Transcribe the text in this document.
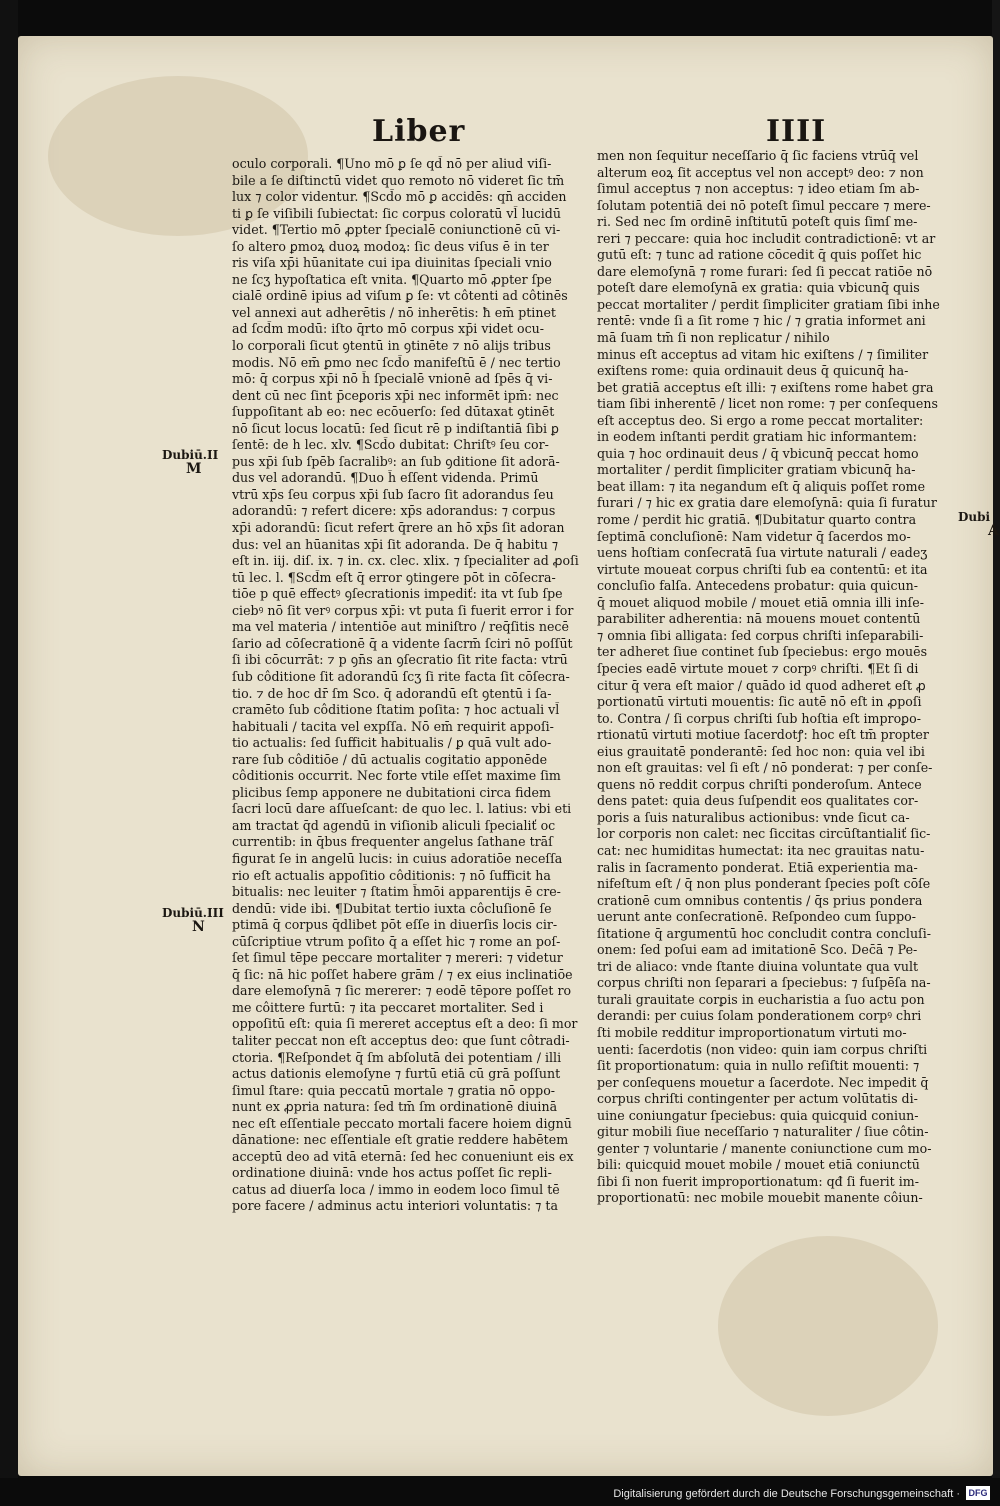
Liber	IIII
Dubiū.II
M
Dubiū.III
N
Dubi
A
oculo corporali. ¶Uno mō ꝑ ſe qd̄ nō per aliud viſi-
bile a ſe diſtinctū videt quo remoto nō videret ſic tm̄
lux ⁊ color videntur. ¶Scd̄o mō ꝑ accidēs: qn̄ acciden
ti ꝑ ſe viſibili ſubiectat: ſic corpus coloratū vl̄ lucidū
videt. ¶Tertio mō ꝓpter ſpecialē coniunctionē cū vi-
ſo altero ꝑmoꝝ duoꝝ modoꝝ: ſic deus viſus ē in ter
ris viſa xp̄i hūanitate cui ipa diuinitas ſpeciali vnio
ne ſcʒ hypoſtatica eſt vnita. ¶Quarto mō ꝓpter ſpe
cialē ordinē ipius ad viſum ꝑ ſe: vt côtenti ad côtinēs
vel annexi aut adherētis / nō inherētis: ħ em̄ ptinet
ad ſcd̄m modū: iſto q̄rto mō corpus xp̄i videt ocu-
lo corporali ſicut ꝯtentū in ꝯtinēte ⁊ nō alijs tribus
modis. Nō em̄ ꝑmo nec ſcd̄o manifeſtū ē / nec tertio
mō: q̄ corpus xp̄i nō h̄ ſpecialē vnionē ad ſpēs q̄ vi-
dent cū nec ſint p̄ceꝑoris xp̄i nec informēt ipm̄: nec
ſuppoſitant ab eo: nec ecōuerſo: ſed dūtaxat ꝯtinēt
nō ſicut locus locatū: ſed ſicut rē p indiſtantiā ſibi ꝑ
ſentē: de h lec. xlv. ¶Scd̄o dubitat: Chriſtꝰ ſeu cor-
pus xp̄i ſub ſpēb ſacralibꝰ: an ſub ꝯditione ſit adorā-
dus vel adorandū. ¶Duo h̄ eſſent videnda. Primū
vtrū xp̄s ſeu corpus xp̄i ſub ſacro ſit adorandus ſeu
adorandū: ⁊ refert dicere: xp̄s adorandus: ⁊ corpus
xp̄i adorandū: ſicut refert q̄rere an hō xp̄s ſit adoran
dus: vel an hūanitas xp̄i ſit adoranda. De q̄ habitu ⁊
eſt in. iij. diſ. ix. ⁊ in. cx. clec. xlix. ⁊ ſpecialiter ad ꝓoſi
tū lec. l. ¶Scd̄m eſt q̄ error ꝯtingere pōt in cōſecra-
tiōe p quē effectꝰ ꝯſecrationis impediť: ita vt ſub ſpe
ciebꝰ nō ſit verꝰ corpus xp̄i: vt puta ſi fuerit error i for
ma vel materia / intentiōe aut miniſtro / req̄ſitis necē
ſario ad cōſecrationē q̄ a vidente ſacrm̄ ſciri nō poſſūt
ſi ibi cōcurrāt: ⁊ p ꝯn̄s an ꝯſecratio ſit rite facta: vtrū
ſub côditione ſit adorandū ſcʒ ſi rite facta ſit cōſecra-
tio. ⁊ de hoc dr̄ ſm Sco. q̄ adorandū eſt ꝯtentū i ſa-
cramēto ſub côditione ſtatim poſita: ⁊ hoc actuali vl̄
habituali / tacita vel expſſa. Nō em̄ requirit appoſi-
tio actualis: ſed ſufficit habitualis / ꝑ quā vult ado-
rare ſub côditiōe / dū actualis cogitatio apponēde
côditionis occurrit. Nec forte vtile eſſet maxime ſim
plicibus ſemp apponere ne dubitationi circa fidem
ſacri locū dare aſſueſcant: de quo lec. l. latius: vbi eti
am tractat q̄d agendū in viſionib aliculi ſpecialiť oc
currentib: in q̄bus frequenter angelus ſathane trāſ
figurat ſe in angelū lucis: in cuius adoratiōe neceſſa
rio eſt actualis appoſitio côditionis: ⁊ nō ſufficit ha
bitualis: nec leuiter ⁊ ſtatim h̄mōi apparentijs ē cre-
dendū: vide ibi. ¶Dubitat tertio iuxta côcluſionē ſe
ptimā q̄ corpus q̄dlibet pōt eſſe in diuerſis locis cir-
cūſcriptiue vtrum poſito q̄ a eſſet hic ⁊ rome an poſ-
ſet ſimul tēpe peccare mortaliter ⁊ mereri: ⁊ videtur
q̄ ſic: nā hic poſſet habere grām / ⁊ ex eius inclinatiōe
dare elemoſynā ⁊ ſic mererer: ⁊ eodē tēpore poſſet ro
me côittere furtū: ⁊ ita peccaret mortaliter. Sed i
oppoſitū eſt: quia ſi mereret acceptus eſt a deo: ſi mor
taliter peccat non eſt acceptus deo: que ſunt côtradi-
ctoria. ¶Reſpondet q̄ ſm abſolutā dei potentiam / illi
actus dationis elemoſyne ⁊ furtū etiā cū grā poſſunt
ſimul ſtare: quia peccatū mortale ⁊ gratia nō oppo-
nunt ex ꝓpria natura: ſed tm̄ ſm ordinationē diuinā
nec eſt eſſentiale peccato mortali facere hoiem dignū
dānatione: nec eſſentiale eſt gratie reddere habētem
acceptū deo ad vitā eternā: ſed hec conueniunt eis ex
ordinatione diuinā: vnde hos actus poſſet ſic repli-
catus ad diuerſa loca / immo in eodem loco ſimul tē
pore facere / adminus actu interiori voluntatis: ⁊ ta
men non ſequitur neceſſario q̄ ſic faciens vtrūq̄ vel
alterum eoꝝ ſit acceptus vel non acceptꝰ deo: ⁊ non
ſimul acceptus ⁊ non acceptus: ⁊ ideo etiam ſm ab-
ſolutam potentiā dei nō poteſt ſimul peccare ⁊ mere-
ri. Sed nec ſm ordinē inſtitutū poteſt quis ſimſ me-
reri ⁊ peccare: quia hoc includit contradictionē: vt ar
gutū eſt: ⁊ tunc ad ratione cōcedit q̄ quis poſſet hic
dare elemoſynā ⁊ rome furari: ſed ſi peccat ratiōe nō
poteſt dare elemoſynā ex gratia: quia vbicunq̄ quis
peccat mortaliter / perdit ſimpliciter gratiam ſibi inhe
rentē: vnde ſi a ſit rome ⁊ hic / ⁊ gratia informet ani
mā ſuam tm̄ ſi non replicatur / nihilo
minus eſt acceptus ad vitam hic exiſtens / ⁊ ſimiliter
exiſtens rome: quia ordinauit deus q̄ quicunq̄ ha-
bet gratiā acceptus eſt illi: ⁊ exiſtens rome habet gra
tiam ſibi inherentē / licet non rome: ⁊ per conſequens
eſt acceptus deo. Si ergo a rome peccat mortaliter:
in eodem inſtanti perdit gratiam hic informantem:
quia ⁊ hoc ordinauit deus / q̄ vbicunq̄ peccat homo
mortaliter / perdit ſimpliciter gratiam vbicunq̄ ha-
beat illam: ⁊ ita negandum eſt q̄ aliquis poſſet rome
furari / ⁊ hic ex gratia dare elemoſynā: quia ſi furatur
rome / perdit hic gratiā. ¶Dubitatur quarto contra
ſeptimā concluſionē: Nam videtur q̄ ſacerdos mo-
uens hoſtiam conſecratā ſua virtute naturali / eadeʒ
virtute moueat corpus chriſti ſub ea contentū: et ita
concluſio falſa. Antecedens probatur: quia quicun-
q̄ mouet aliquod mobile / mouet etiā omnia illi inſe-
parabiliter adherentia: nā mouens mouet contentū
⁊ omnia ſibi alligata: ſed corpus chriſti inſeparabili-
ter adheret ſiue continet ſub ſpeciebus: ergo mouēs
ſpecies eadē virtute mouet ⁊ corpꝰ chriſti. ¶Et ſi di
citur q̄ vera eſt maior / quādo id quod adheret eſt ꝓ
portionatū virtuti mouentis: ſic autē nō eſt in ꝓpoſi
to. Contra / ſi corpus chriſti ſub hoſtia eſt improꝑo-
rtionatū virtuti motiue ſacerdotꝭ: hoc eſt tm̄ propter
eius grauitatē ponderantē: ſed hoc non: quia vel ibi
non eſt grauitas: vel ſi eſt / nō ponderat: ⁊ per conſe-
quens nō reddit corpus chriſti ponderoſum. Antece
dens patet: quia deus ſuſpendit eos qualitates cor-
poris a ſuis naturalibus actionibus: vnde ſicut ca-
lor corporis non calet: nec ſiccitas circūſtantialiť ſic-
cat: nec humiditas humectat: ita nec grauitas natu-
ralis in ſacramento ponderat. Etiā experientia ma-
nifeſtum eſt / q̄ non plus ponderant ſpecies poſt cōſe
crationē cum omnibus contentis / q̄s prius pondera
uerunt ante conſecrationē. Reſpondeo cum ſuppo-
ſitatione q̄ argumentū hoc concludit contra concluſi-
onem: ſed poſui eam ad imitationē Sco. Dec̄ā ⁊ Pe-
tri de aliaco: vnde ſtante diuina voluntate qua vult
corpus chriſti non ſeparari a ſpeciebus: ⁊ ſuſpēſa na-
turali grauitate corꝑis in eucharistia a ſuo actu pon
derandi: per cuius ſolam ponderationem corpꝰ chri
ſti mobile redditur improportionatum virtuti mo-
uenti: ſacerdotis (non video: quin iam corpus chriſti
ſit proportionatum: quia in nullo reſiſtit mouenti: ⁊
per conſequens mouetur a ſacerdote. Nec impedit q̄
corpus chriſti contingenter per actum volūtatis di-
uine coniungatur ſpeciebus: quia quicquid coniun-
gitur mobili ſiue neceſſario ⁊ naturaliter / ſiue côtin-
genter ⁊ voluntarie / manente coniunctione cum mo-
bili: quicquid mouet mobile / mouet etiā coniunctū
ſibi ſi non fuerit improportionatum: qđ ſi fuerit im-
proportionatū: nec mobile mouebit manente côiun-
Digitalisierung gefördert durch die Deutsche Forschungsgemeinschaft · DFG
